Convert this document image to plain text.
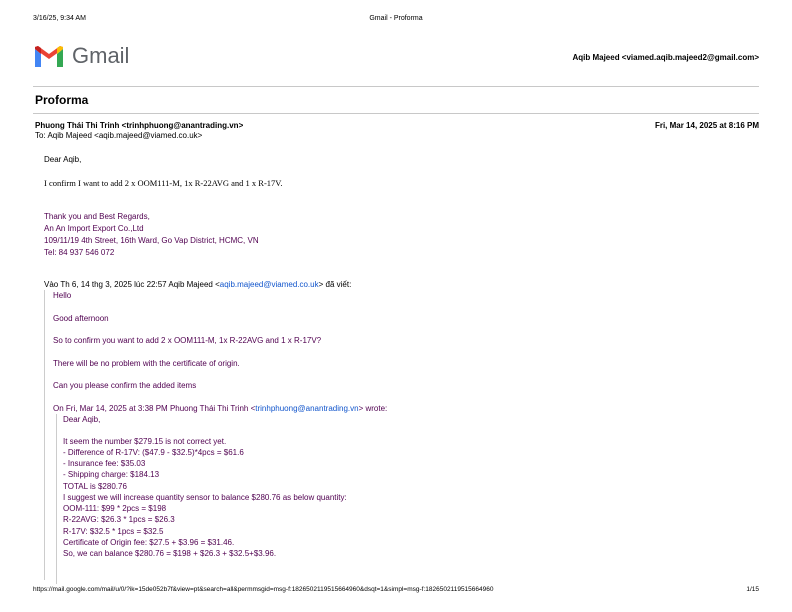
3/16/25, 9:34 AM	Gmail - Proforma
Gmail	Aqib Majeed <viamed.aqib.majeed2@gmail.com>
Proforma
Phuong Thái Thi Trinh <trinhphuong@anantrading.vn>	Fri, Mar 14, 2025 at 8:16 PM
To: Aqib Majeed <aqib.majeed@viamed.co.uk>
Dear Aqib,
I confirm I want to add 2 x OOM111-M, 1x R-22AVG and 1 x R-17V.
Thank you and Best Regards,
An An Import Export Co.,Ltd
109/11/19 4th Street, 16th Ward, Go Vap District, HCMC, VN
Tel: 84 937 546 072
Vào Th 6, 14 thg 3, 2025 lúc 22:57 Aqib Majeed <aqib.majeed@viamed.co.uk> đã viết:
Hello
Good afternoon
So to confirm you want to add 2 x OOM111-M, 1x R-22AVG and 1 x R-17V?
There will be no problem with the certificate of origin.
Can you please confirm the added items
On Fri, Mar 14, 2025 at 3:38 PM Phuong Thái Thi Trinh <trinhphuong@anantrading.vn> wrote:
Dear Aqib,
It seem the number $279.15 is not correct yet.
- Difference of R-17V: ($47.9 - $32.5)*4pcs = $61.6
- Insurance fee: $35.03
- Shipping charge: $184.13
TOTAL is $280.76
I suggest we will increase quantity sensor to balance $280.76 as below quantity:
OOM-111: $99 * 2pcs = $198
R-22AVG: $26.3 * 1pcs = $26.3
R-17V: $32.5 * 1pcs = $32.5
Certificate of Origin fee: $27.5 + $3.96 = $31.46.
So, we can balance $280.76 = $198 + $26.3 + $32.5+$3.96.
https://mail.google.com/mail/u/0/?ik=15de052b7f&view=pt&search=all&permmsgid=msg-f:1826502119515664960&dsqt=1&simpl=msg-f:1826502119515664960	1/15
